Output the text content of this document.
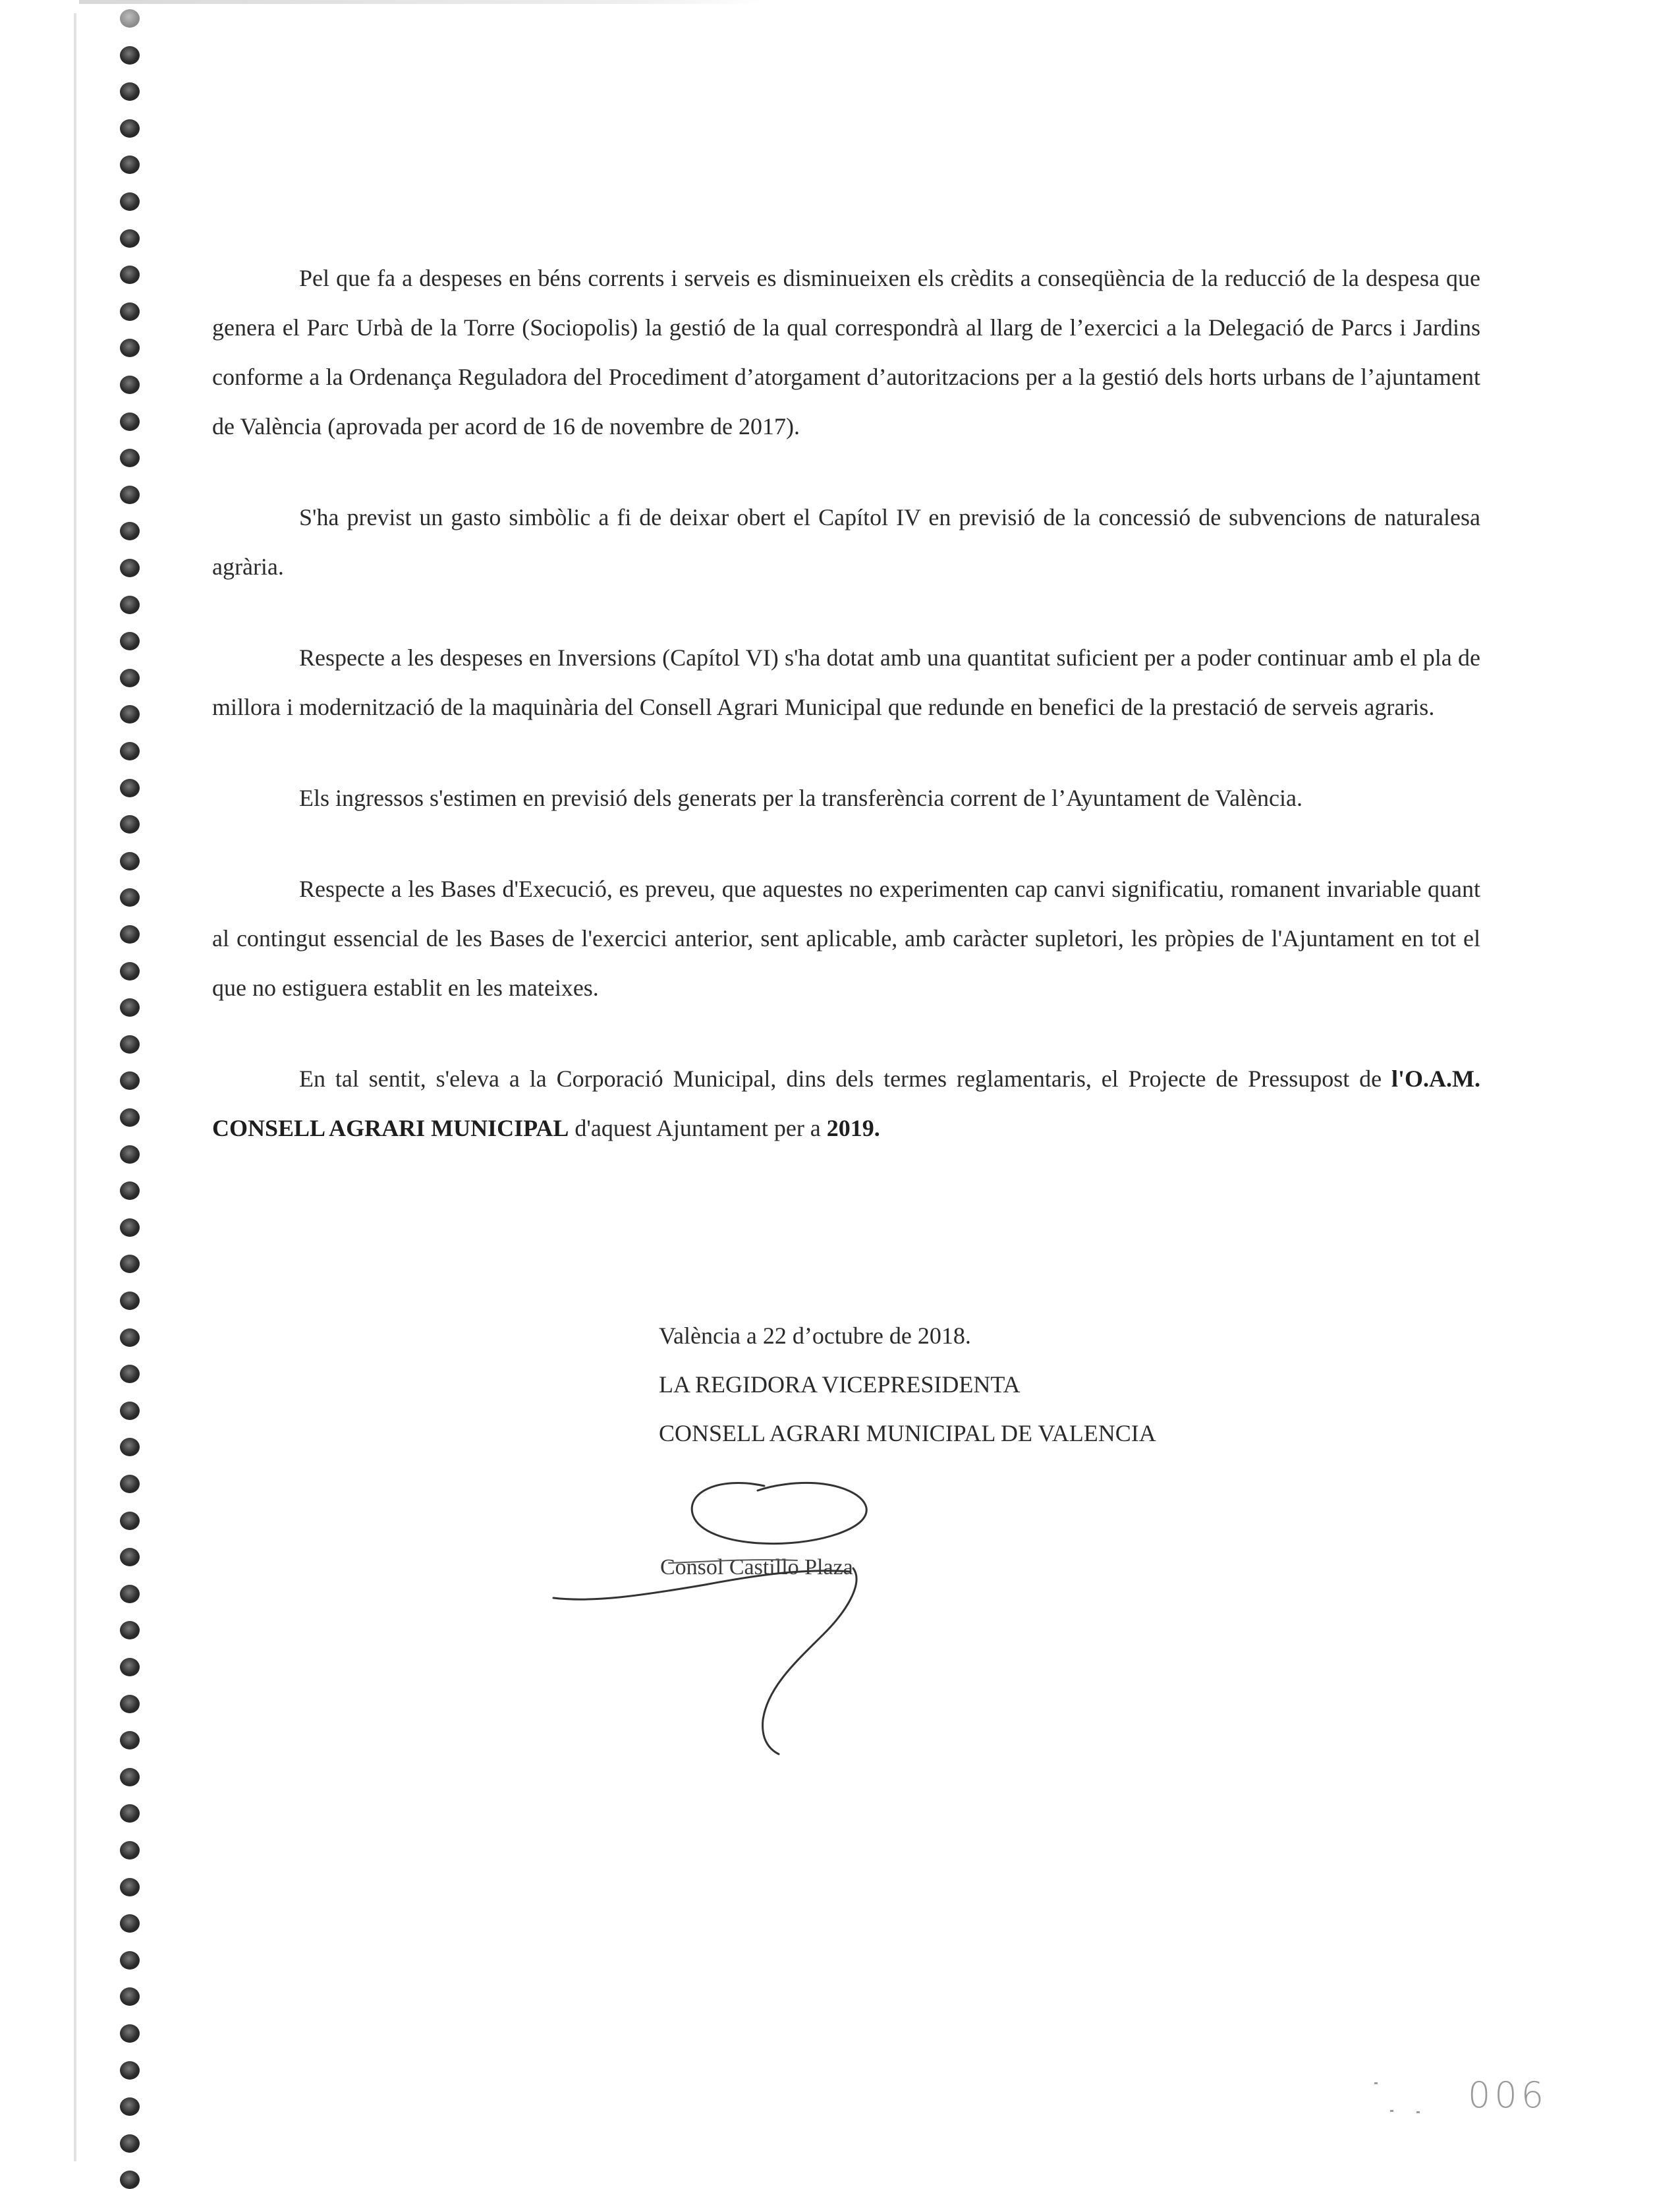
Pel que fa a despeses en béns corrents i serveis es disminueixen els crèdits a conseqüència de la reducció de la despesa que genera el Parc Urbà de la Torre (Sociopolis) la gestió de la qual correspondrà al llarg de l’exercici a la Delegació de Parcs i Jardins conforme a la Ordenança Reguladora del Procediment d’atorgament d’autoritzacions per a la gestió dels horts urbans de l’ajuntament de València (aprovada per acord de 16 de novembre de 2017).

S'ha previst un gasto simbòlic a fi de deixar obert el Capítol IV en previsió de la concessió de subvencions de naturalesa agrària.

Respecte a les despeses en Inversions (Capítol VI) s'ha dotat amb una quantitat suficient per a poder continuar amb el pla de millora i modernització de la maquinària del Consell Agrari Municipal que redunde en benefici de la prestació de serveis agraris.

Els ingressos s'estimen en previsió dels generats per la transferència corrent de l’Ayuntament de València.

Respecte a les Bases d'Execució, es preveu, que aquestes no experimenten cap canvi significatiu, romanent invariable quant al contingut essencial de les Bases de l'exercici anterior, sent aplicable, amb caràcter supletori, les pròpies de l'Ajuntament en tot el que no estiguera establit en les mateixes.

En tal sentit, s'eleva a la Corporació Municipal, dins dels termes reglamentaris, el Projecte de Pressupost de l'O.A.M. CONSELL AGRARI MUNICIPAL d'aquest Ajuntament per a 2019.

València a 22 d’octubre de 2018.
LA REGIDORA VICEPRESIDENTA
CONSELL AGRARI MUNICIPAL DE VALENCIA
Consol Castillo Plaza
006
